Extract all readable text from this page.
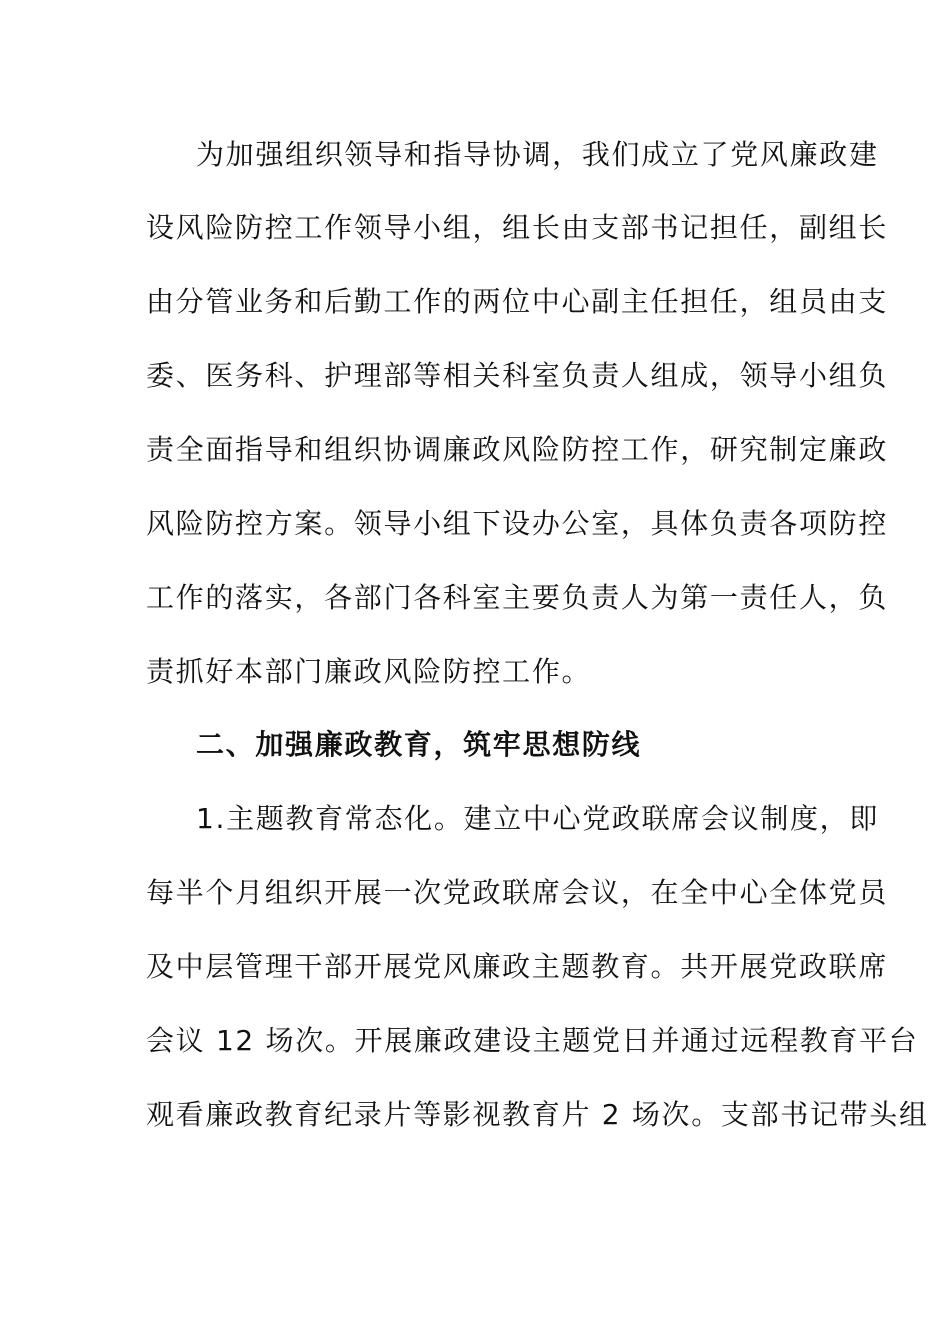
为加强组织领导和指导协调，我们成立了党风廉政建
设风险防控工作领导小组，组长由支部书记担任，副组长
由分管业务和后勤工作的两位中心副主任担任，组员由支
委、医务科、护理部等相关科室负责人组成，领导小组负
责全面指导和组织协调廉政风险防控工作，研究制定廉政
风险防控方案。领导小组下设办公室，具体负责各项防控
工作的落实，各部门各科室主要负责人为第一责任人，负
责抓好本部门廉政风险防控工作。
二、加强廉政教育，筑牢思想防线
1.主题教育常态化。建立中心党政联席会议制度，即
每半个月组织开展一次党政联席会议，在全中心全体党员
及中层管理干部开展党风廉政主题教育。共开展党政联席
会议 12 场次。开展廉政建设主题党日并通过远程教育平台
观看廉政教育纪录片等影视教育片 2 场次。支部书记带头组
